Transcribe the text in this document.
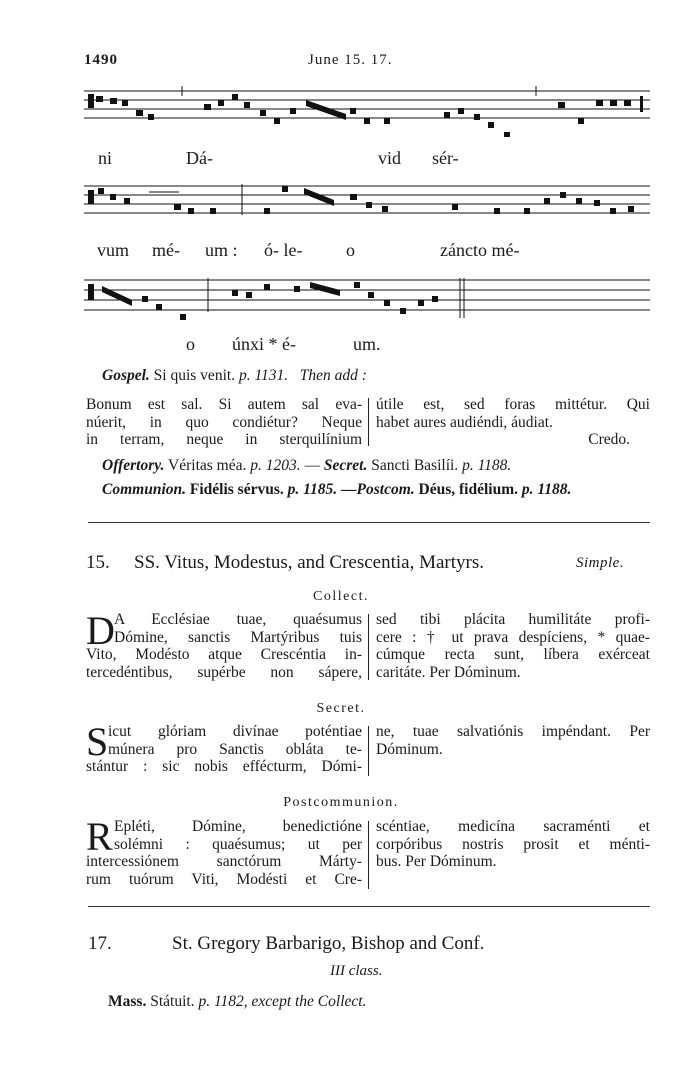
1490	June 15. 17.
ni	Dá-	vid sér-
vum mé- um : ó- le- o	záncto mé-
o únxi * é-	um.
Gospel. Si quis venit. p. 1131. Then add :
Bonum est sal. Si autem sal eva-
núerit, in quo condiétur? Neque
in terram, neque in sterquilínium
útile est, sed foras mittétur. Qui
habet aures audiéndi, áudiat.
Credo.
Offertory. Véritas méa. p. 1203. — Secret. Sancti Basilíi. p. 1188.
Communion. Fidélis sérvus. p. 1185. —Postcom. Déus, fidélium. p. 1188.
15. SS. Vitus, Modestus, and Crescentia, Martyrs.	Simple.
Collect.
D A Ecclésiae tuae, quaésumus
Dómine, sanctis Martýribus tuis
Vito, Modésto atque Crescéntia in-
tercedéntibus, supérbe non sápere,
sed tibi plácita humilitáte profi-
cere : † ut prava despíciens, * quae-
cúmque recta sunt, líbera exérceat
caritáte. Per Dóminum.
Secret.
S icut glóriam divínae poténtiae
múnera pro Sanctis obláta te-
stántur : sic nobis effécturm, Dómi-
ne, tuae salvatiónis impéndant. Per
Dóminum.
Postcommunion.
R Epléti, Dómine, benedictióne
solémni : quaésumus; ut per
intercessiónem sanctórum Márty-
rum tuórum Viti, Modésti et Cre-
scéntiae, medicína sacraménti et
corpóribus nostris prosit et ménti-
bus. Per Dóminum.
17.	St. Gregory Barbarigo, Bishop and Conf.
III class.
Mass. Státuit. p. 1182, except the Collect.
